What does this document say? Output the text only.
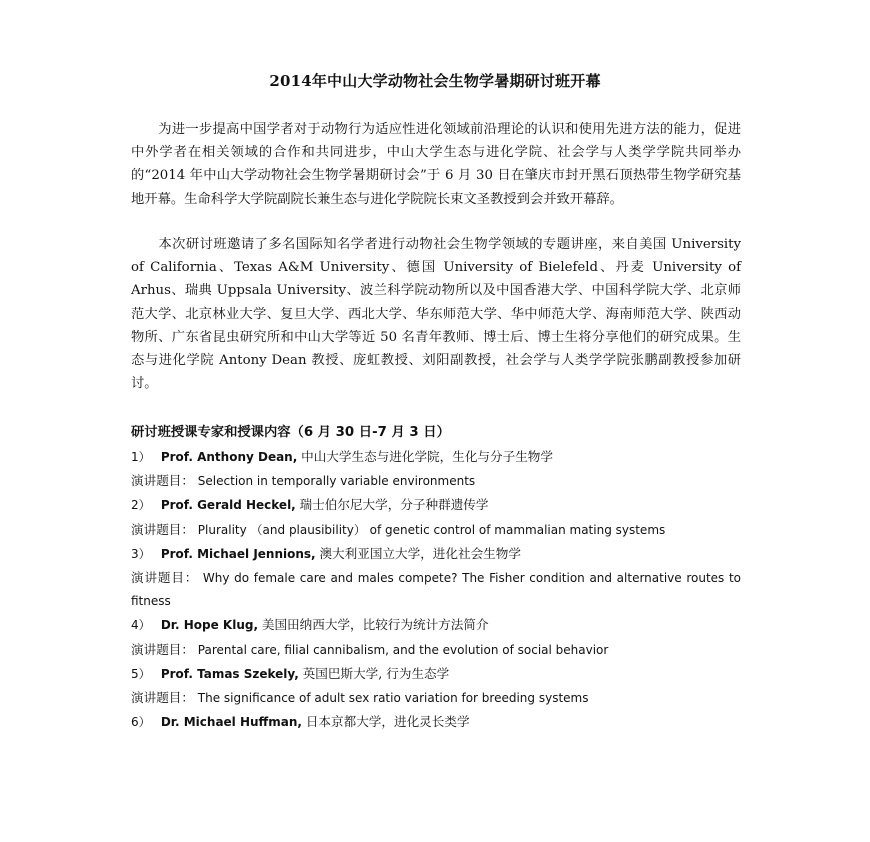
2014年中山大学动物社会生物学暑期研讨班开幕

为进一步提高中国学者对于动物行为适应性进化领域前沿理论的认识和使用先进方法的能力，促进中外学者在相关领域的合作和共同进步，中山大学生态与进化学院、社会学与人类学学院共同举办的“2014 年中山大学动物社会生物学暑期研讨会”于 6 月 30 日在肇庆市封开黑石顶热带生物学研究基地开幕。生命科学大学院副院长兼生态与进化学院院长束文圣教授到会并致开幕辞。

本次研讨班邀请了多名国际知名学者进行动物社会生物学领域的专题讲座，来自美国 University of California、Texas A&M University、德国 University of Bielefeld、丹麦 University of Arhus、瑞典 Uppsala University、波兰科学院动物所以及中国香港大学、中国科学院大学、北京师范大学、北京林业大学、复旦大学、西北大学、华东师范大学、华中师范大学、海南师范大学、陕西动物所、广东省昆虫研究所和中山大学等近 50 名青年教师、博士后、博士生将分享他们的研究成果。生态与进化学院 Antony Dean 教授、庞虹教授、刘阳副教授，社会学与人类学学院张鹏副教授参加研讨。

研讨班授课专家和授课内容（6 月 30 日-7 月 3 日）

1） Prof. Anthony Dean, 中山大学生态与进化学院，生化与分子生物学
演讲题目： Selection in temporally variable environments
2） Prof. Gerald Heckel, 瑞士伯尔尼大学，分子种群遗传学
演讲题目： Plurality （and plausibility） of genetic control of mammalian mating systems
3） Prof. Michael Jennions, 澳大利亚国立大学，进化社会生物学
演讲题目： Why do female care and males compete? The Fisher condition and alternative routes to fitness
4） Dr. Hope Klug, 美国田纳西大学，比较行为统计方法简介
演讲题目： Parental care, filial cannibalism, and the evolution of social behavior
5） Prof. Tamas Szekely, 英国巴斯大学, 行为生态学
演讲题目： The significance of adult sex ratio variation for breeding systems
6） Dr. Michael Huffman, 日本京都大学，进化灵长类学
